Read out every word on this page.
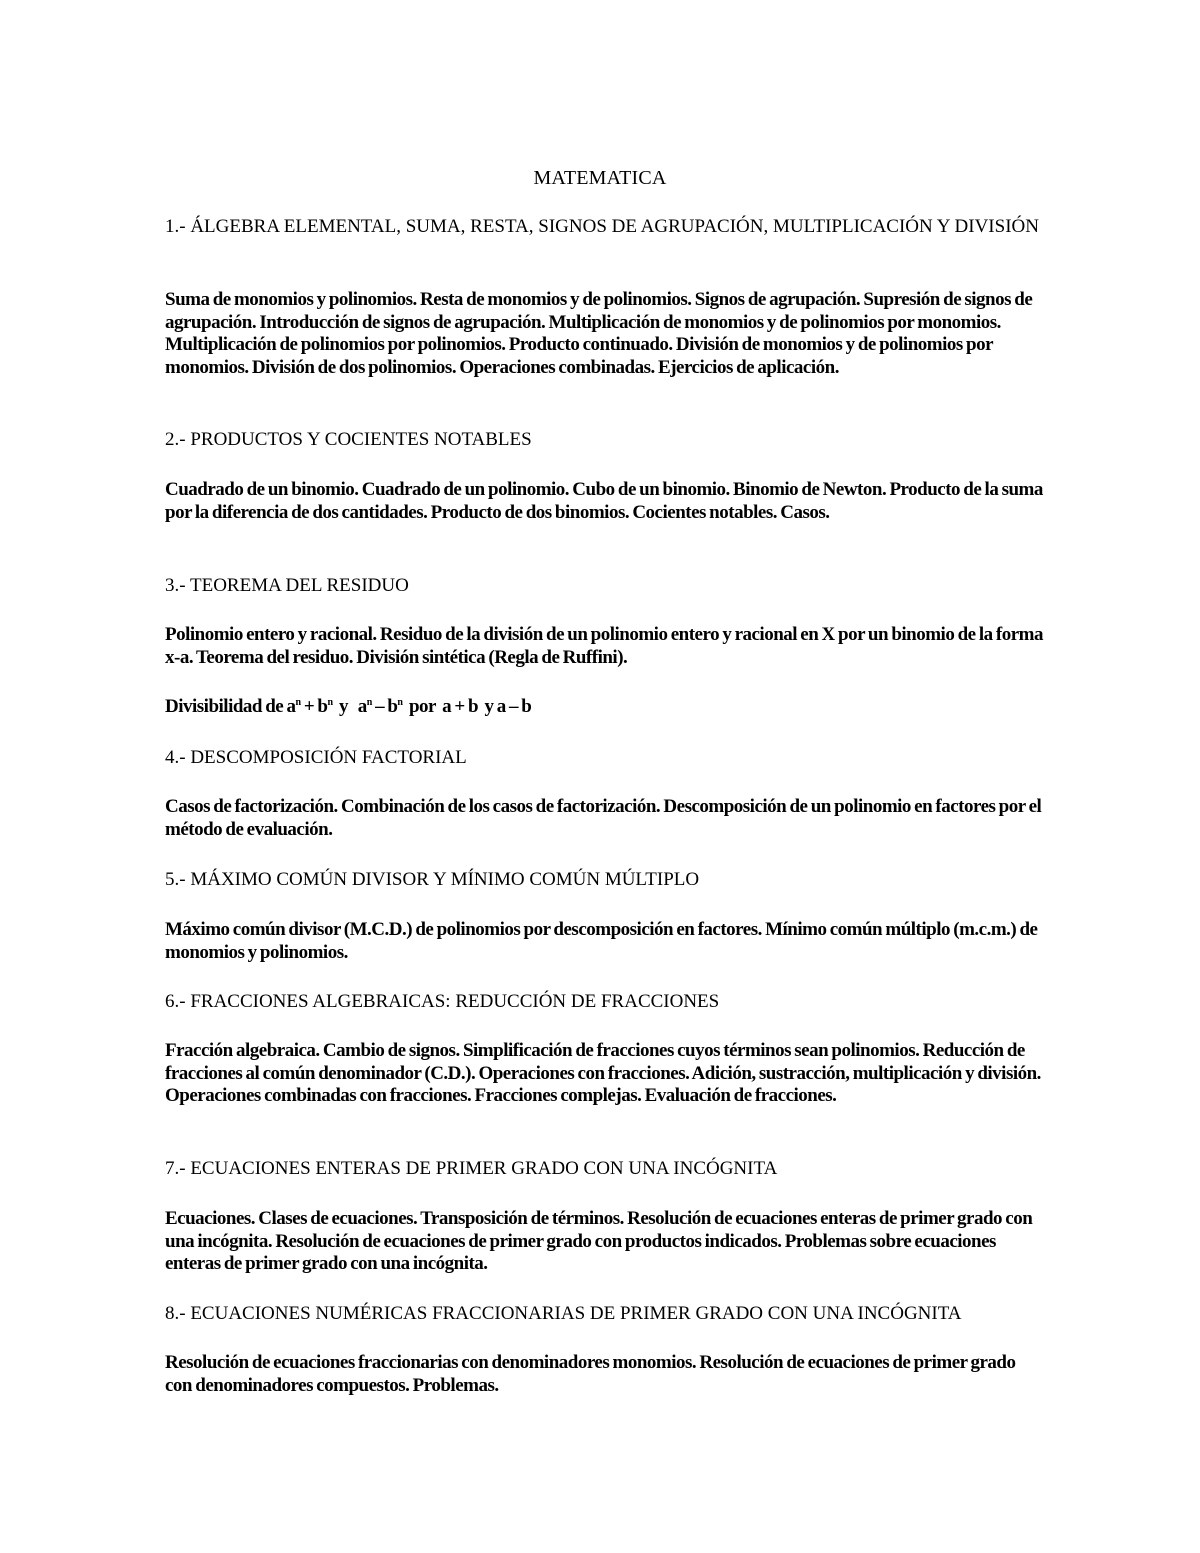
MATEMATICA
1.- ÁLGEBRA ELEMENTAL, SUMA, RESTA, SIGNOS DE AGRUPACIÓN, MULTIPLICACIÓN Y DIVISIÓN

Suma de monomios y polinomios. Resta de monomios y de polinomios. Signos de agrupación. Supresión de signos de agrupación. Introducción de signos de agrupación. Multiplicación de monomios y de polinomios por monomios. Multiplicación de polinomios por polinomios. Producto continuado. División de monomios y de polinomios por monomios. División de dos polinomios. Operaciones combinadas. Ejercicios de aplicación.

2.- PRODUCTOS Y COCIENTES NOTABLES

Cuadrado de un binomio. Cuadrado de un polinomio. Cubo de un binomio. Binomio de Newton. Producto de la suma por la diferencia de dos cantidades. Producto de dos binomios. Cocientes notables. Casos.

3.- TEOREMA DEL RESIDUO

Polinomio entero y racional. Residuo de la división de un polinomio entero y racional en X por un binomio de la forma x-a. Teorema del residuo. División sintética (Regla de Ruffini).

Divisibilidad de $a^n + b^n$  y   $a^n - b^n$  por  a + b  y a – b

4.- DESCOMPOSICIÓN FACTORIAL

Casos de factorización. Combinación de los casos de factorización. Descomposición de un polinomio en factores por el método de evaluación.

5.- MÁXIMO COMÚN DIVISOR Y MÍNIMO COMÚN MÚLTIPLO

Máximo común divisor (M.C.D.) de polinomios por descomposición en factores. Mínimo común múltiplo (m.c.m.) de monomios y polinomios.

6.- FRACCIONES ALGEBRAICAS: REDUCCIÓN DE FRACCIONES

Fracción algebraica. Cambio de signos. Simplificación de fracciones cuyos términos sean polinomios. Reducción de fracciones al común denominador (C.D.). Operaciones con fracciones. Adición, sustracción, multiplicación y división. Operaciones combinadas con fracciones. Fracciones complejas. Evaluación de fracciones.

7.- ECUACIONES ENTERAS DE PRIMER GRADO CON UNA INCÓGNITA

Ecuaciones. Clases de ecuaciones. Transposición de términos. Resolución de ecuaciones enteras de primer grado con una incógnita. Resolución de ecuaciones de primer grado con productos indicados. Problemas sobre ecuaciones enteras de primer grado con una incógnita.

8.- ECUACIONES NUMÉRICAS FRACCIONARIAS DE PRIMER GRADO CON UNA INCÓGNITA

Resolución de ecuaciones fraccionarias con denominadores monomios. Resolución de ecuaciones de primer grado con denominadores compuestos. Problemas.
